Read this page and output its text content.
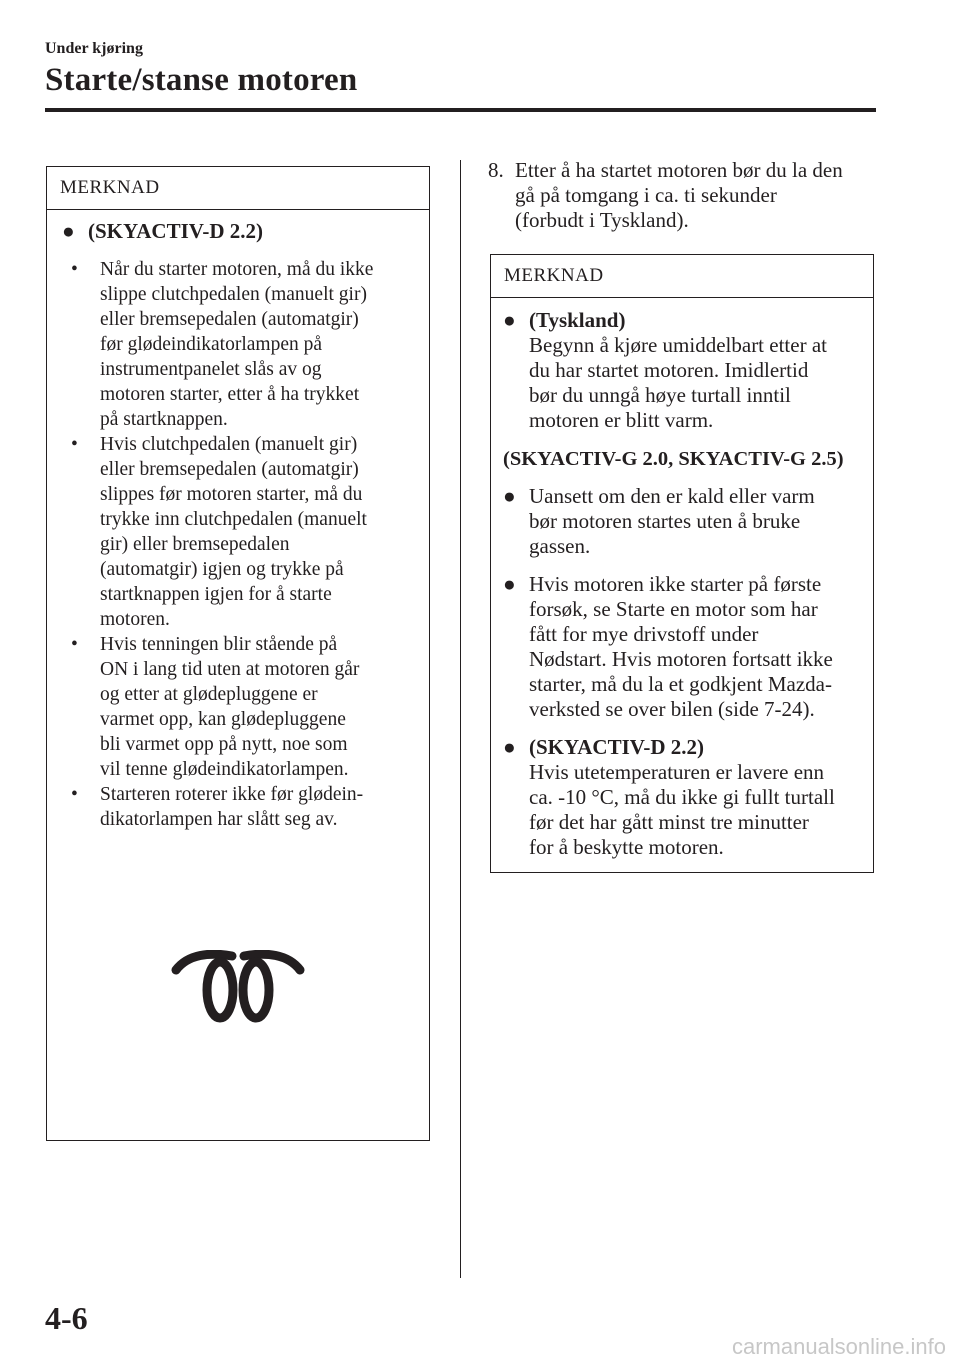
Under kjøring
Starte/stanse motoren
MERKNAD
● (SKYACTIV-D 2.2)
• Når du starter motoren, må du ikke
slippe clutchpedalen (manuelt gir)
eller bremsepedalen (automatgir)
før glødeindikatorlampen på
instrumentpanelet slås av og
motoren starter, etter å ha trykket
på startknappen.
• Hvis clutchpedalen (manuelt gir)
eller bremsepedalen (automatgir)
slippes før motoren starter, må du
trykke inn clutchpedalen (manuelt
gir) eller bremsepedalen
(automatgir) igjen og trykke på
startknappen igjen for å starte
motoren.
• Hvis tenningen blir stående på
ON i lang tid uten at motoren går
og etter at glødepluggene er
varmet opp, kan glødepluggene
bli varmet opp på nytt, noe som
vil tenne glødeindikatorlampen.
• Starteren roterer ikke før glødein-
dikatorlampen har slått seg av.
8. Etter å ha startet motoren bør du la den
gå på tomgang i ca. ti sekunder
(forbudt i Tyskland).
MERKNAD
● (Tyskland)
Begynn å kjøre umiddelbart etter at
du har startet motoren. Imidlertid
bør du unngå høye turtall inntil
motoren er blitt varm.
(SKYACTIV-G 2.0, SKYACTIV-G 2.5)
● Uansett om den er kald eller varm
bør motoren startes uten å bruke
gassen.
● Hvis motoren ikke starter på første
forsøk, se Starte en motor som har
fått for mye drivstoff under
Nødstart. Hvis motoren fortsatt ikke
starter, må du la et godkjent Mazda-
verksted se over bilen (side 7-24).
● (SKYACTIV-D 2.2)
Hvis utetemperaturen er lavere enn
ca. -10 °C, må du ikke gi fullt turtall
før det har gått minst tre minutter
for å beskytte motoren.
4-6
carmanualsonline.info
